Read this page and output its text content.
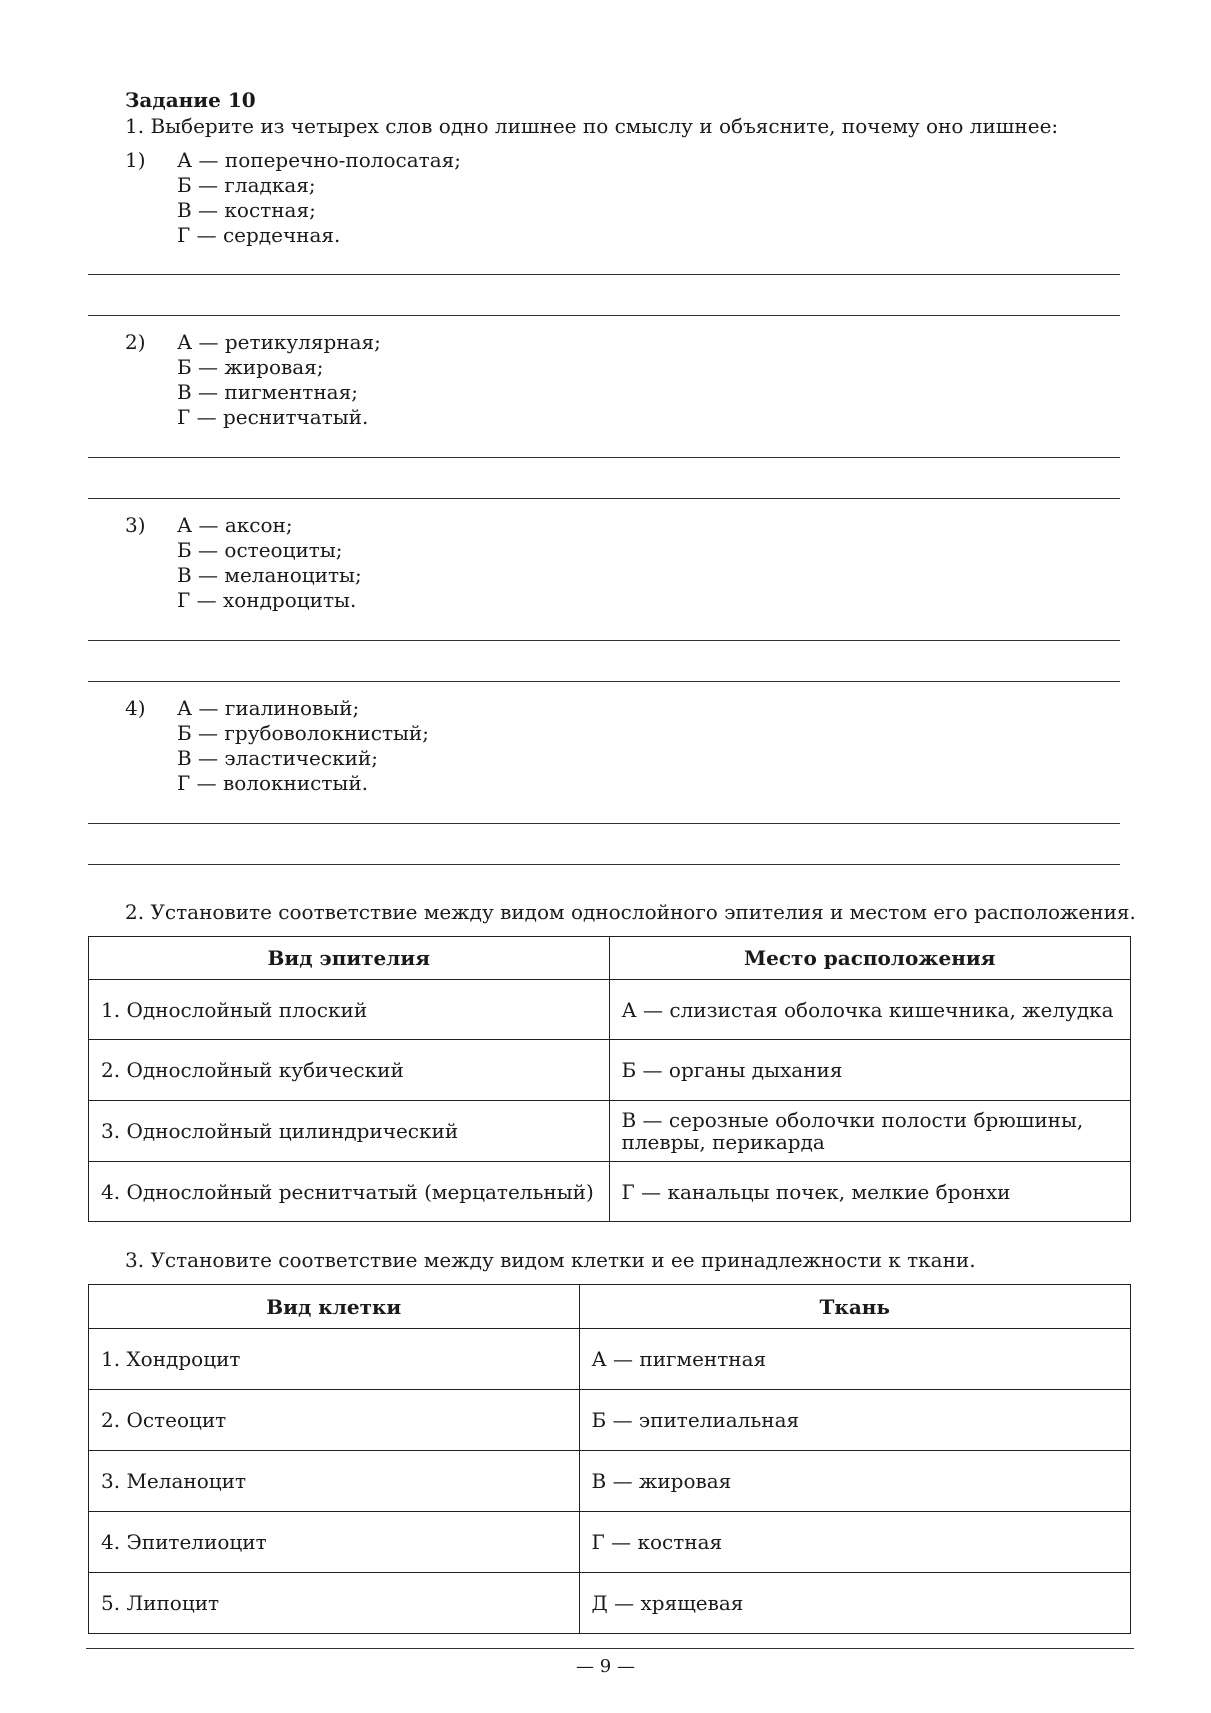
Задание 10
1. Выберите из четырех слов одно лишнее по смыслу и объясните, почему оно лишнее:
1) А — поперечно-полосатая;
Б — гладкая;
В — костная;
Г — сердечная.
2) А — ретикулярная;
Б — жировая;
В — пигментная;
Г — реснитчатый.
3) А — аксон;
Б — остеоциты;
В — меланоциты;
Г — хондроциты.
4) А — гиалиновый;
Б — грубоволокнистый;
В — эластический;
Г — волокнистый.
2. Установите соответствие между видом однослойного эпителия и местом его расположения.
Вид эпителия	Место расположения
1. Однослойный плоский	А — слизистая оболочка кишечника, желудка
2. Однослойный кубический	Б — органы дыхания
3. Однослойный цилиндрический	В — серозные оболочки полости брюшины, плевры, перикарда
4. Однослойный реснитчатый (мерцательный)	Г — канальцы почек, мелкие бронхи
3. Установите соответствие между видом клетки и ее принадлежности к ткани.
Вид клетки	Ткань
1. Хондроцит	А — пигментная
2. Остеоцит	Б — эпителиальная
3. Меланоцит	В — жировая
4. Эпителиоцит	Г — костная
5. Липоцит	Д — хрящевая
— 9 —
